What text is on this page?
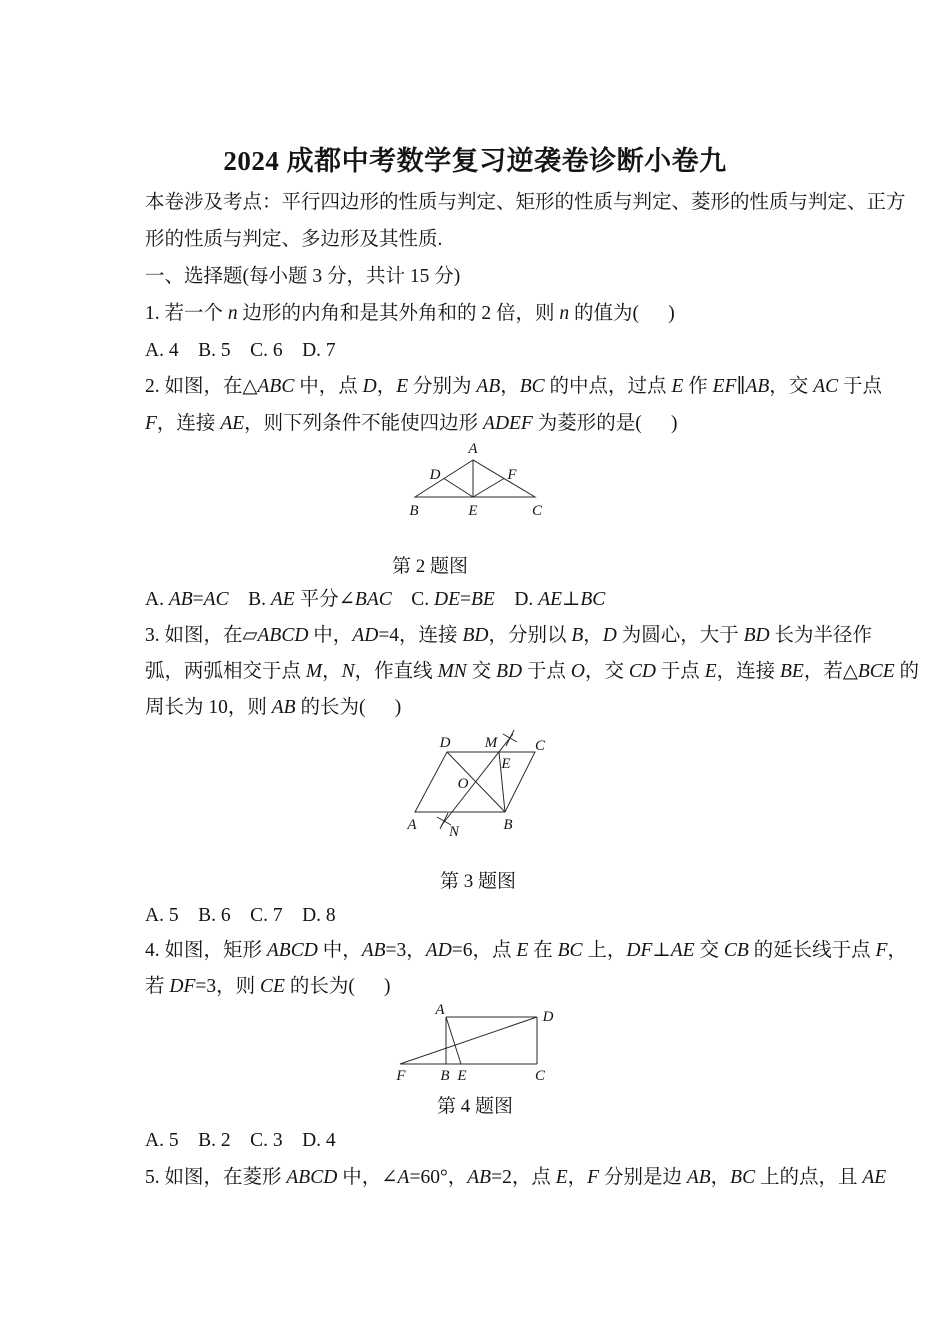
2024 成都中考数学复习逆袭卷诊断小卷九
本卷涉及考点：平行四边形的性质与判定、矩形的性质与判定、菱形的性质与判定、正方
形的性质与判定、多边形及其性质.
一、选择题(每小题 3 分，共计 15 分)
1. 若一个 n 边形的内角和是其外角和的 2 倍，则 n 的值为(      )
A. 4    B. 5    C. 6    D. 7
2. 如图，在△ABC 中，点 D，E 分别为 AB，BC 的中点，过点 E 作 EF∥AB，交 AC 于点
F，连接 AE，则下列条件不能使四边形 ADEF 为菱形的是(      )
A
D	F
B	E	C
第 2 题图
A. AB=AC    B. AE 平分∠BAC    C. DE=BE    D. AE⊥BC
3. 如图，在▱ABCD 中，AD=4，连接 BD，分别以 B，D 为圆心，大于 BD 长为半径作
弧，两弧相交于点 M，N，作直线 MN 交 BD 于点 O，交 CD 于点 E，连接 BE，若△BCE 的
周长为 10，则 AB 的长为(      )
D M	C
E
O
A N	B
第 3 题图
A. 5    B. 6    C. 7    D. 8
4. 如图，矩形 ABCD 中，AB=3，AD=6，点 E 在 BC 上，DF⊥AE 交 CB 的延长线于点 F，
若 DF=3，则 CE 的长为(      )
A	D
F B E	C
第 4 题图
A. 5    B. 2    C. 3    D. 4
5. 如图，在菱形 ABCD 中，∠A=60°，AB=2，点 E，F 分别是边 AB，BC 上的点，且 AE
